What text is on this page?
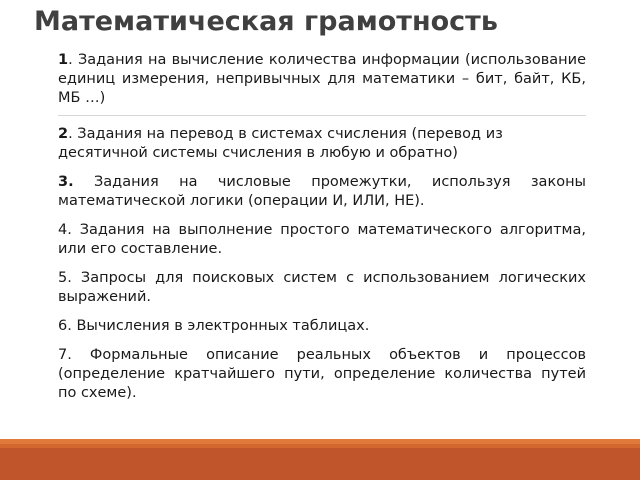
Математическая грамотность

1. Задания на вычисление количества информации (использование единиц измерения, непривычных для математики – бит, байт, КБ, МБ …)

2. Задания на перевод в системах счисления (перевод из десятичной системы счисления в любую и обратно)

3. Задания на числовые промежутки, используя законы математической логики (операции И, ИЛИ, НЕ).

4. Задания на выполнение простого математического алгоритма, или его составление.

5. Запросы для поисковых систем с использованием логических выражений.

6. Вычисления в электронных таблицах.

7. Формальные описание реальных объектов и процессов (определение кратчайшего пути, определение количества путей по схеме).
